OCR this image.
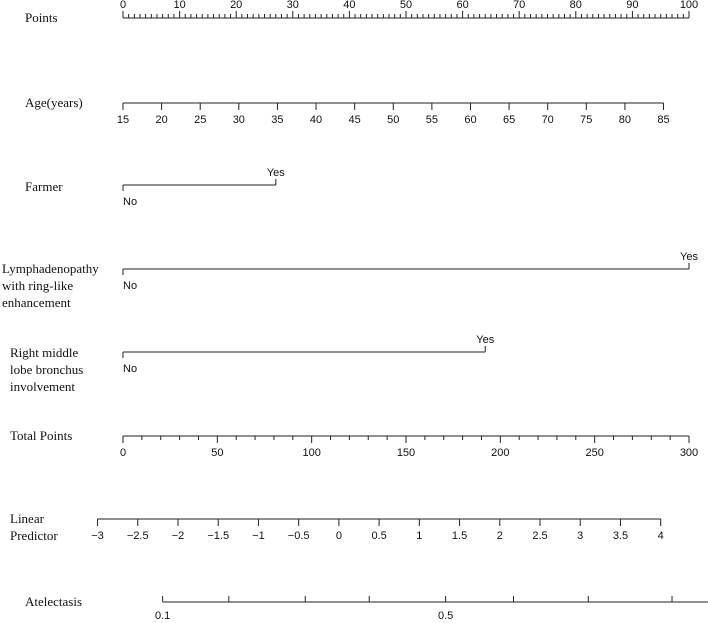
Points
0	10	20	30	40	50	60	70	80	90	100
Age(years)
15 20 25 30 35 40 45 50 55 60 65 70 75 80 85
Farmer
No
Yes
Lymphadenopathy
with ring-like
enhancement
No
Yes
Right middle
lobe bronchus
involvement
No
Yes
Total Points
0	50	100	150	200	250	300
Linear
Predictor	−3 −2.5 −2 −1.5 −1 −0.5 0	0.5	1	1.5	2	2.5	3	3.5	4
Atelectasis
0.1	0.5
